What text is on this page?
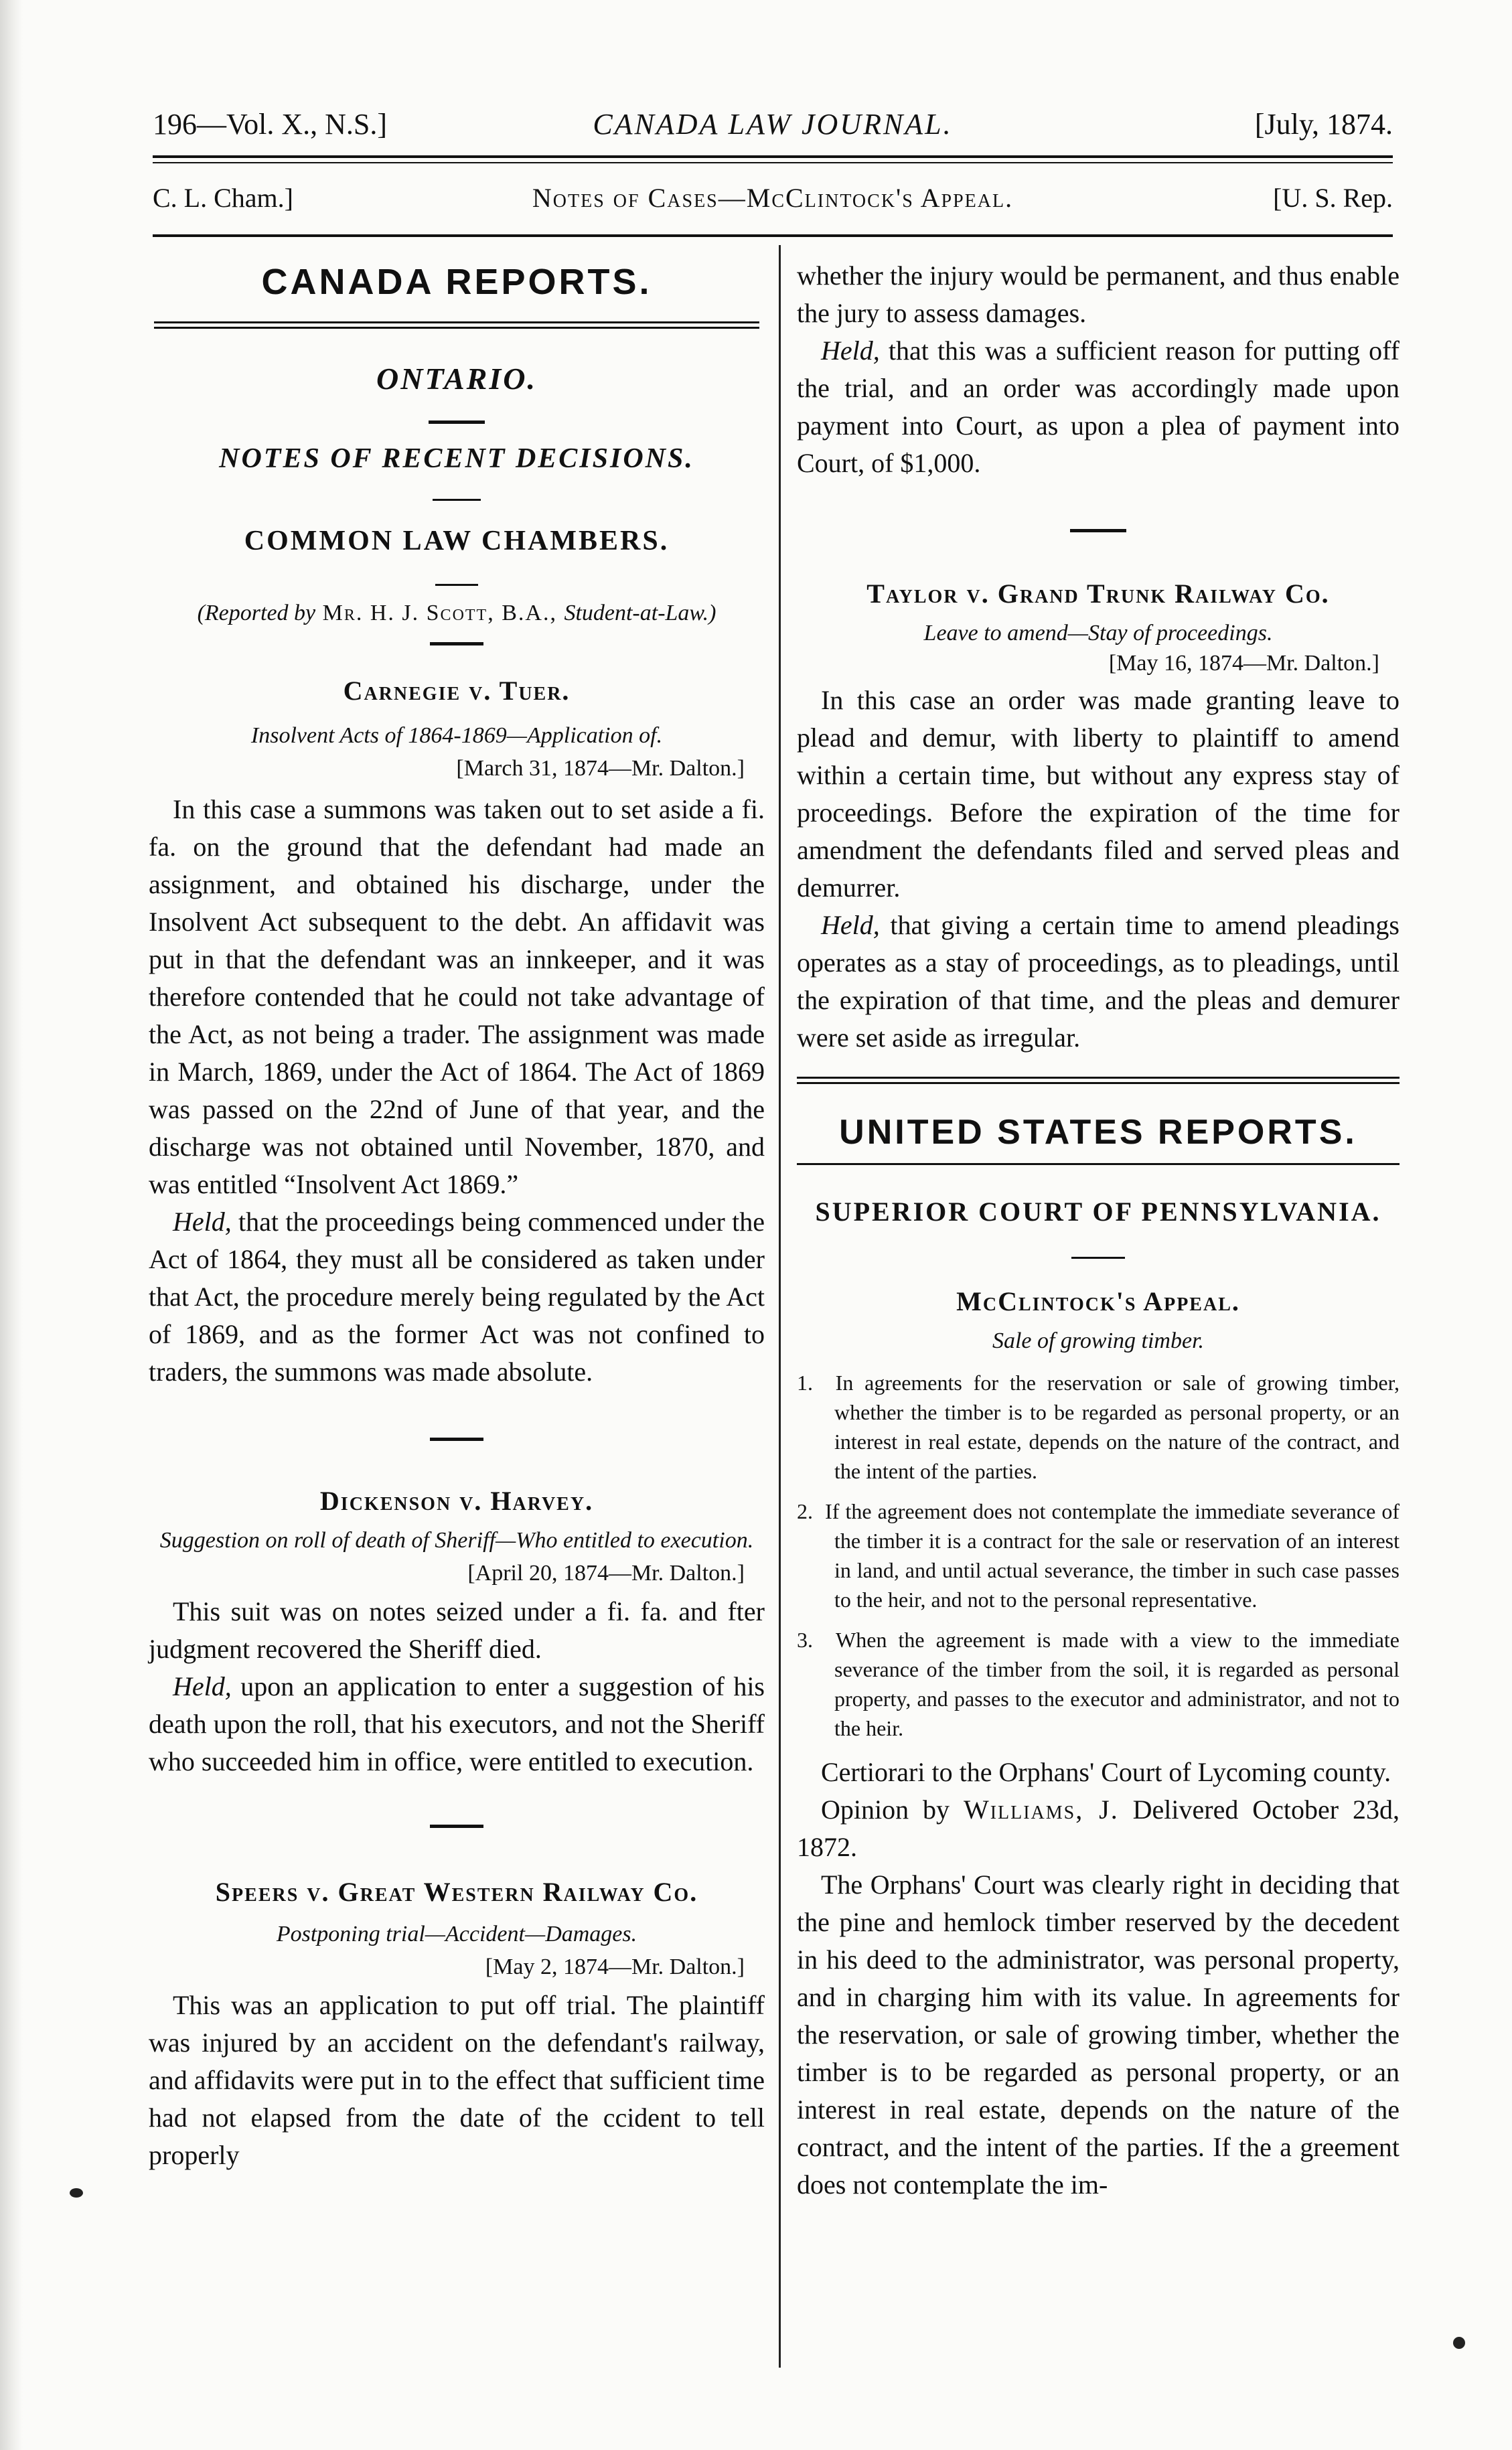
196—Vol. X., N.S.]	CANADA LAW JOURNAL.	[July, 1874.
C. L. Cham.]	Notes of Cases—McClintock's Appeal.	[U. S. Rep.
CANADA REPORTS.
ONTARIO.
NOTES OF RECENT DECISIONS.
COMMON LAW CHAMBERS.

(Reported by Mr. H. J. Scott, B.A., Student-at-Law.)

Carnegie v. Tuer.

Insolvent Acts of 1864-1869—Application of.

[March 31, 1874—Mr. Dalton.]

In this case a summons was taken out to set aside a fi. fa. on the ground that the defendant had made an assignment, and obtained his discharge, under the Insolvent Act subsequent to the debt. An affidavit was put in that the defendant was an innkeeper, and it was therefore contended that he could not take advantage of the Act, as not being a trader. The assignment was made in March, 1869, under the Act of 1864. The Act of 1869 was passed on the 22nd of June of that year, and the discharge was not obtained until November, 1870, and was entitled “Insolvent Act 1869.”

Held, that the proceedings being commenced under the Act of 1864, they must all be considered as taken under that Act, the procedure merely being regulated by the Act of 1869, and as the former Act was not confined to traders, the summons was made absolute.

Dickenson v. Harvey.

Suggestion on roll of death of Sheriff—Who entitled to execution.

[April 20, 1874—Mr. Dalton.]

This suit was on notes seized under a fi. fa. and fter judgment recovered the Sheriff died.

Held, upon an application to enter a suggestion of his death upon the roll, that his executors, and not the Sheriff who succeeded him in office, were entitled to execution.

Speers v. Great Western Railway Co.

Postponing trial—Accident—Damages.

[May 2, 1874—Mr. Dalton.]

This was an application to put off trial. The plaintiff was injured by an accident on the defendant's railway, and affidavits were put in to the effect that sufficient time had not elapsed from the date of the ccident to tell properly

whether the injury would be permanent, and thus enable the jury to assess damages.

Held, that this was a sufficient reason for putting off the trial, and an order was accordingly made upon payment into Court, as upon a plea of payment into Court, of $1,000.

Taylor v. Grand Trunk Railway Co.

Leave to amend—Stay of proceedings.

[May 16, 1874—Mr. Dalton.]

In this case an order was made granting leave to plead and demur, with liberty to plaintiff to amend within a certain time, but without any express stay of proceedings. Before the expiration of the time for amendment the defendants filed and served pleas and demurrer.

Held, that giving a certain time to amend pleadings operates as a stay of proceedings, as to pleadings, until the expiration of that time, and the pleas and demurer were set aside as irregular.

UNITED STATES REPORTS.
SUPERIOR COURT OF PENNSYLVANIA.
McClintock's Appeal.

Sale of growing timber.

1. In agreements for the reservation or sale of growing timber, whether the timber is to be regarded as personal property, or an interest in real estate, depends on the nature of the contract, and the intent of the parties.

2. If the agreement does not contemplate the immediate severance of the timber it is a contract for the sale or reservation of an interest in land, and until actual severance, the timber in such case passes to the heir, and not to the personal representative.

3. When the agreement is made with a view to the immediate severance of the timber from the soil, it is regarded as personal property, and passes to the executor and administrator, and not to the heir.

Certiorari to the Orphans' Court of Lycoming county.

Opinion by Williams, J. Delivered October 23d, 1872.

The Orphans' Court was clearly right in deciding that the pine and hemlock timber reserved by the decedent in his deed to the administrator, was personal property, and in charging him with its value. In agreements for the reservation, or sale of growing timber, whether the timber is to be regarded as personal property, or an interest in real estate, depends on the nature of the contract, and the intent of the parties. If the a greement does not contemplate the im-
